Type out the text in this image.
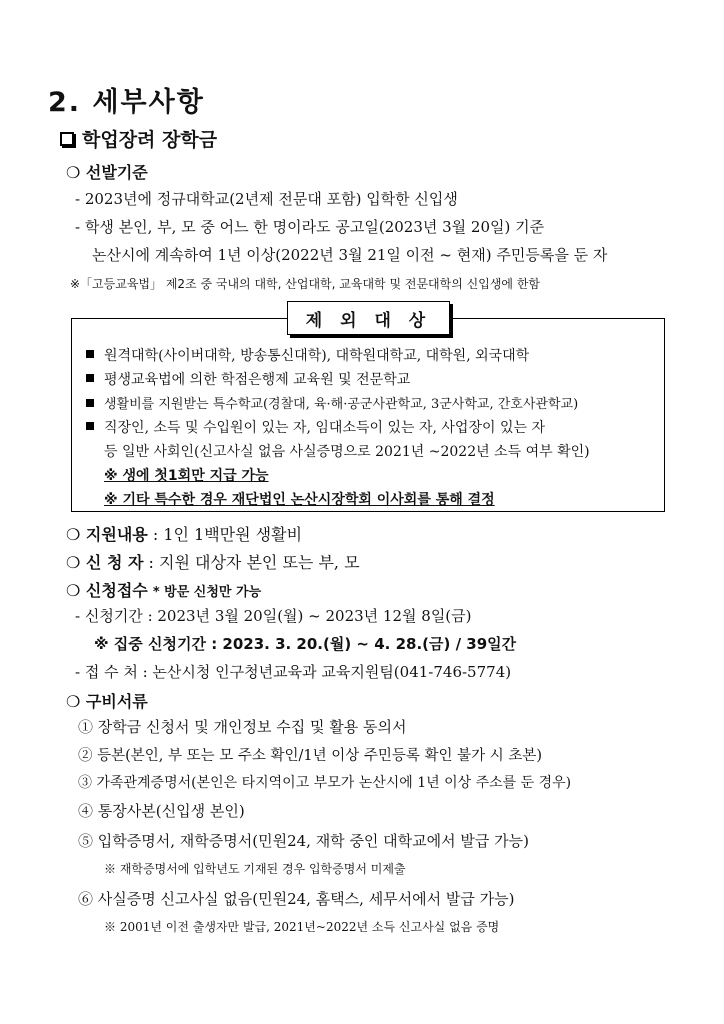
2. 세부사항
학업장려 장학금
❍ 선발기준
- 2023년에 정규대학교(2년제 전문대 포함) 입학한 신입생
- 학생 본인, 부, 모 중 어느 한 명이라도 공고일(2023년 3월 20일) 기준
논산시에 계속하여 1년 이상(2022년 3월 21일 이전 ~ 현재) 주민등록을 둔 자
※「고등교육법」 제2조 중 국내의 대학, 산업대학, 교육대학 및 전문대학의 신입생에 한함
제 외 대 상
원격대학(사이버대학, 방송통신대학), 대학원대학교, 대학원, 외국대학
평생교육법에 의한 학점은행제 교육원 및 전문학교
생활비를 지원받는 특수학교(경찰대, 육·해·공군사관학교, 3군사학교, 간호사관학교)
직장인, 소득 및 수입원이 있는 자, 임대소득이 있는 자, 사업장이 있는 자
등 일반 사회인(신고사실 없음 사실증명으로 2021년 ~2022년 소득 여부 확인)
※ 생에 첫1회만 지급 가능
※ 기타 특수한 경우 재단법인 논산시장학회 이사회를 통해 결정
❍ 지원내용 : 1인 1백만원 생활비
❍ 신 청 자 : 지원 대상자 본인 또는 부, 모
❍ 신청접수 * 방문 신청만 가능
- 신청기간 : 2023년 3월 20일(월) ~ 2023년 12월 8일(금)
※ 집중 신청기간 : 2023. 3. 20.(월) ~ 4. 28.(금) / 39일간
- 접 수 처 : 논산시청 인구청년교육과 교육지원팀(041-746-5774)
❍ 구비서류
① 장학금 신청서 및 개인정보 수집 및 활용 동의서
② 등본(본인, 부 또는 모 주소 확인/1년 이상 주민등록 확인 불가 시 초본)
③ 가족관계증명서(본인은 타지역이고 부모가 논산시에 1년 이상 주소를 둔 경우)
④ 통장사본(신입생 본인)
⑤ 입학증명서, 재학증명서(민원24, 재학 중인 대학교에서 발급 가능)
※ 재학증명서에 입학년도 기재된 경우 입학증명서 미제출
⑥ 사실증명 신고사실 없음(민원24, 홈택스, 세무서에서 발급 가능)
※ 2001년 이전 출생자만 발급, 2021년~2022년 소득 신고사실 없음 증명
